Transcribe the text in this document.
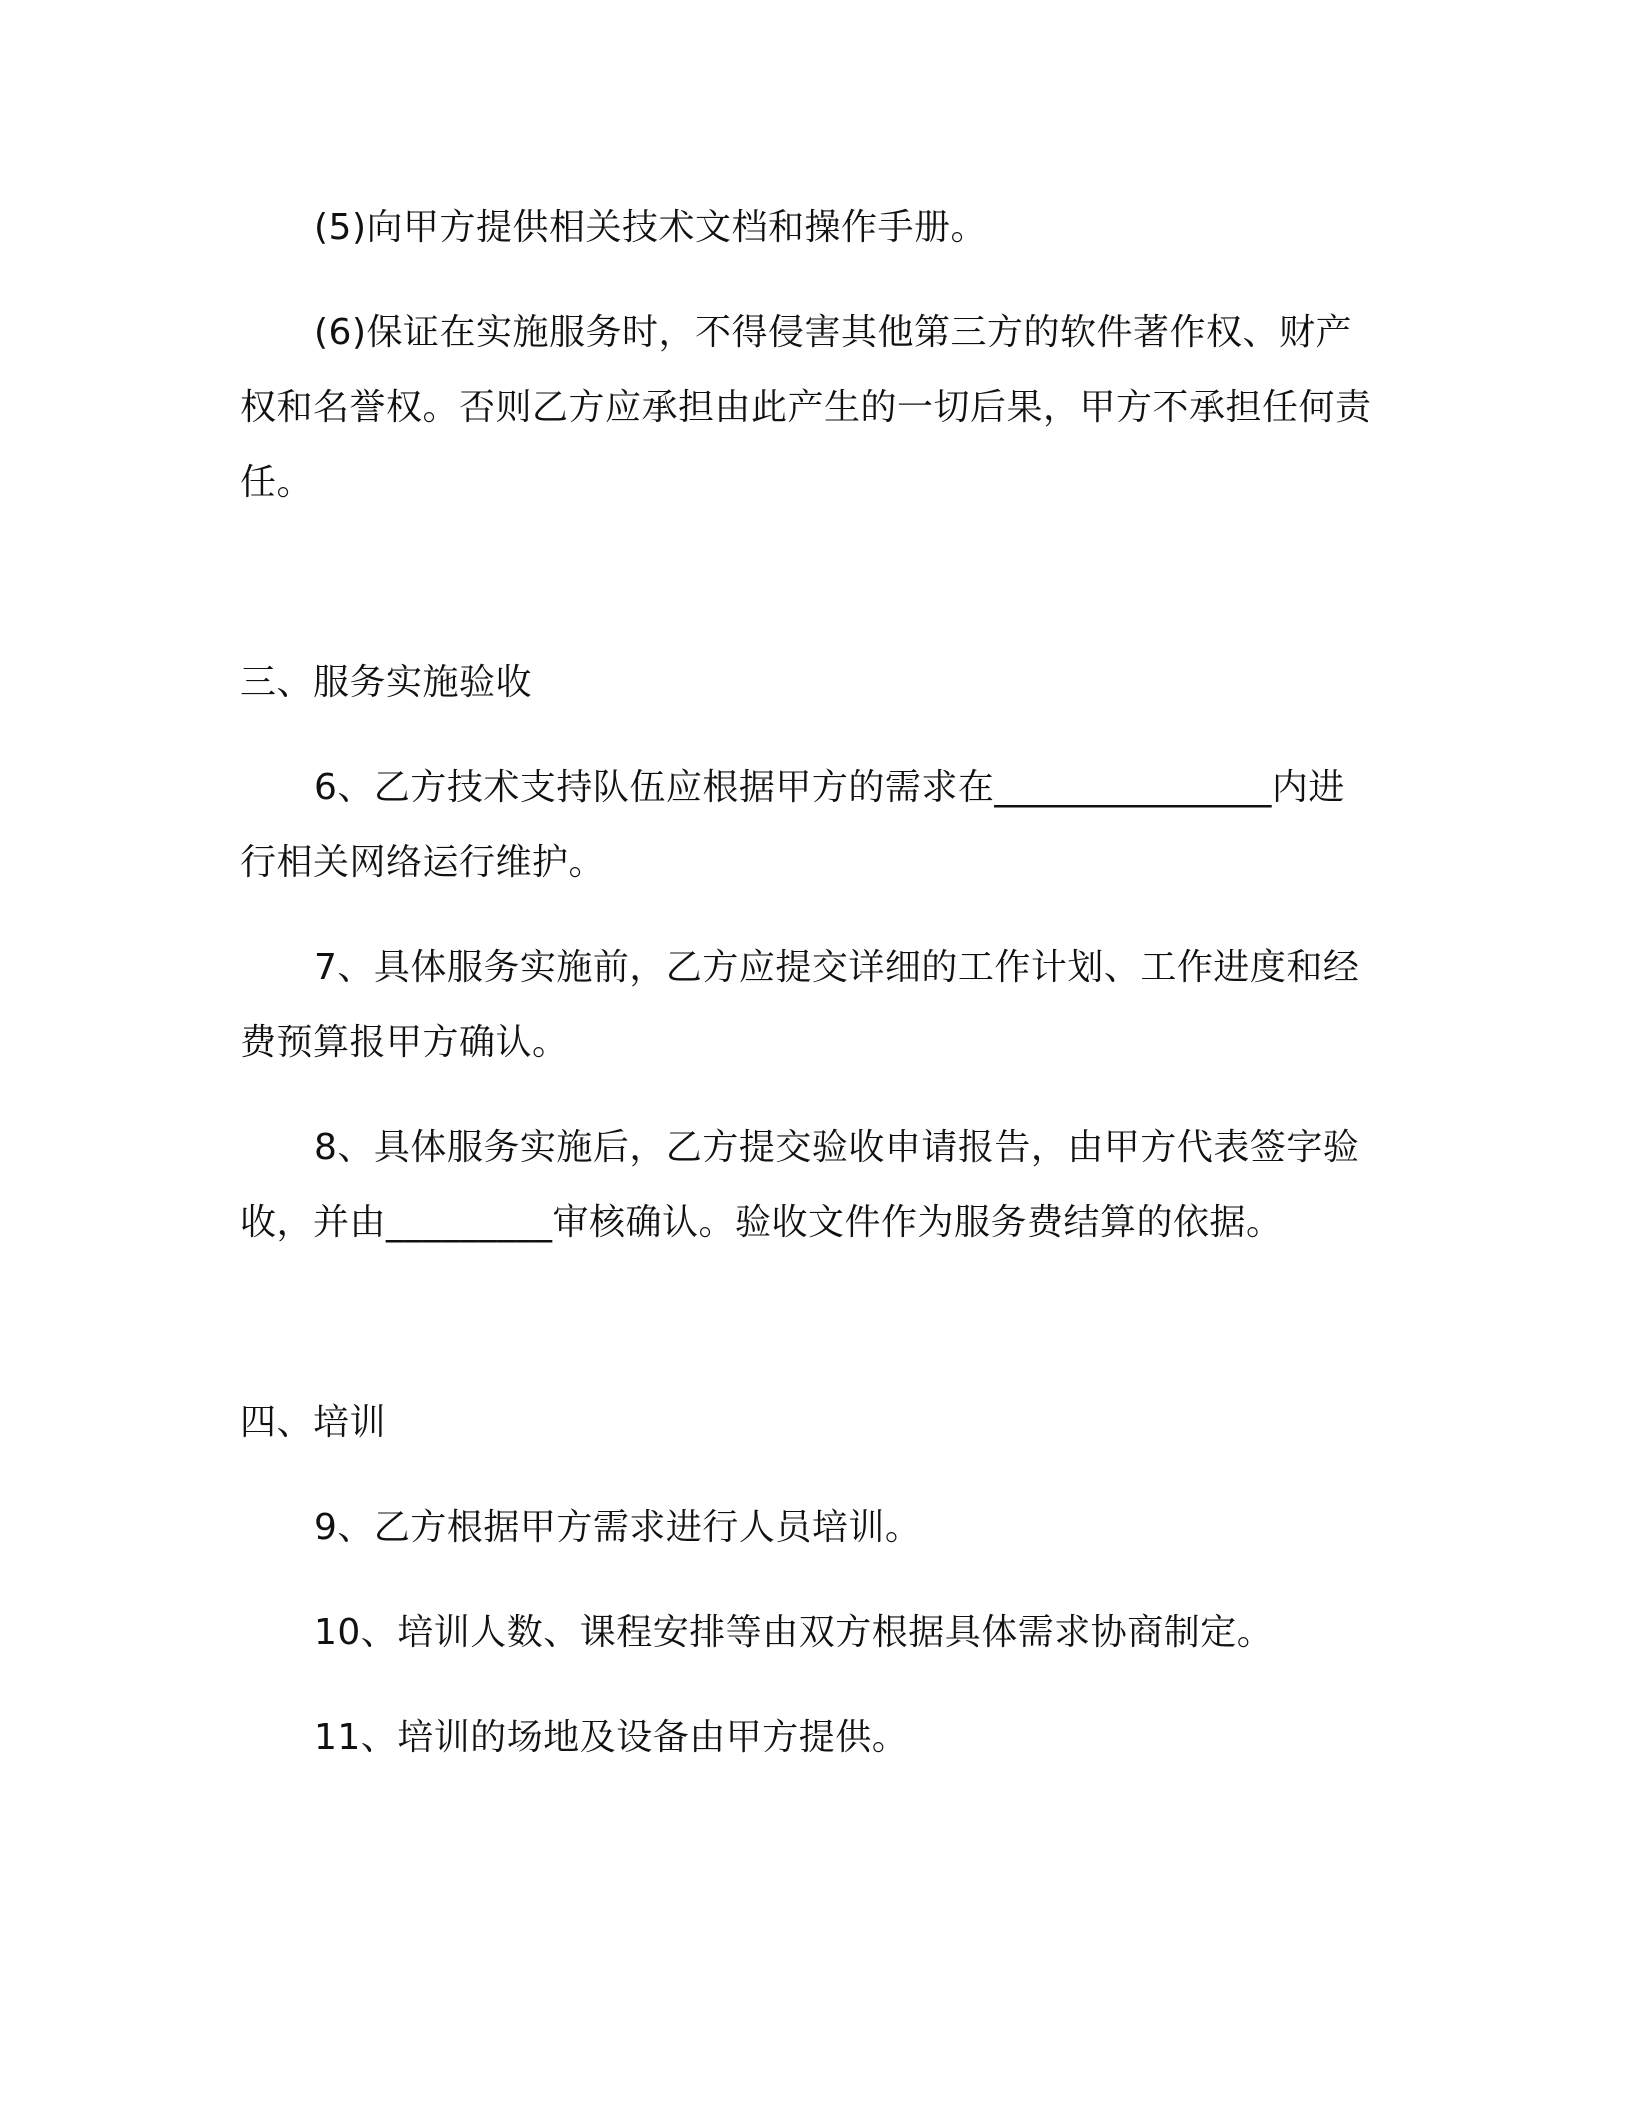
(5)向甲方提供相关技术文档和操作手册。

(6)保证在实施服务时，不得侵害其他第三方的软件著作权、财产权和名誉权。否则乙方应承担由此产生的一切后果，甲方不承担任何责任。

三、服务实施验收

6、乙方技术支持队伍应根据甲方的需求在_______________内进行相关网络运行维护。

7、具体服务实施前，乙方应提交详细的工作计划、工作进度和经费预算报甲方确认。

8、具体服务实施后，乙方提交验收申请报告，由甲方代表签字验收，并由_________审核确认。验收文件作为服务费结算的依据。

四、培训

9、乙方根据甲方需求进行人员培训。

10、培训人数、课程安排等由双方根据具体需求协商制定。

11、培训的场地及设备由甲方提供。
